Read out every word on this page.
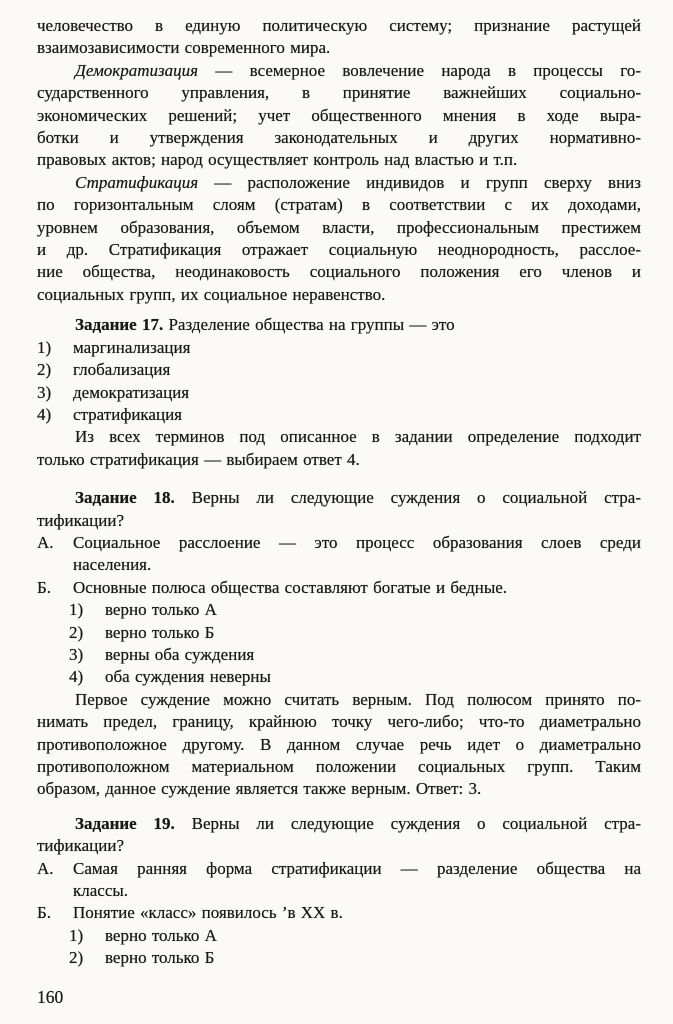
человечество в единую политическую систему; признание растущей
взаимозависимости современного мира.
Демократизация — всемерное вовлечение народа в процессы го-
сударственного управления, в принятие важнейших социально-
экономических решений; учет общественного мнения в ходе выра-
ботки и утверждения законодательных и других нормативно-
правовых актов; народ осуществляет контроль над властью и т.п.
Стратификация — расположение индивидов и групп сверху вниз
по горизонтальным слоям (стратам) в соответствии с их доходами,
уровнем образования, объемом власти, профессиональным престижем
и др. Стратификация отражает социальную неоднородность, расслое-
ние общества, неодинаковость социального положения его членов и
социальных групп, их социальное неравенство.
Задание 17. Разделение общества на группы — это
1) маргинализация
2) глобализация
3) демократизация
4) стратификация
Из всех терминов под описанное в задании определение подходит
только стратификация — выбираем ответ 4.
Задание 18. Верны ли следующие суждения о социальной стра-
тификации?
А. Социальное расслоение — это процесс образования слоев среди
населения.
Б. Основные полюса общества составляют богатые и бедные.
1) верно только А
2) верно только Б
3) верны оба суждения
4) оба суждения неверны
Первое суждение можно считать верным. Под полюсом принято по-
нимать предел, границу, крайнюю точку чего-либо; что-то диаметрально
противоположное другому. В данном случае речь идет о диаметрально
противоположном материальном положении социальных групп. Таким
образом, данное суждение является также верным. Ответ: 3.
Задание 19. Верны ли следующие суждения о социальной стра-
тификации?
А. Самая ранняя форма стратификации — разделение общества на
классы.
Б. Понятие «класс» появилось ’в XX в.
1) верно только А
2) верно только Б
160
